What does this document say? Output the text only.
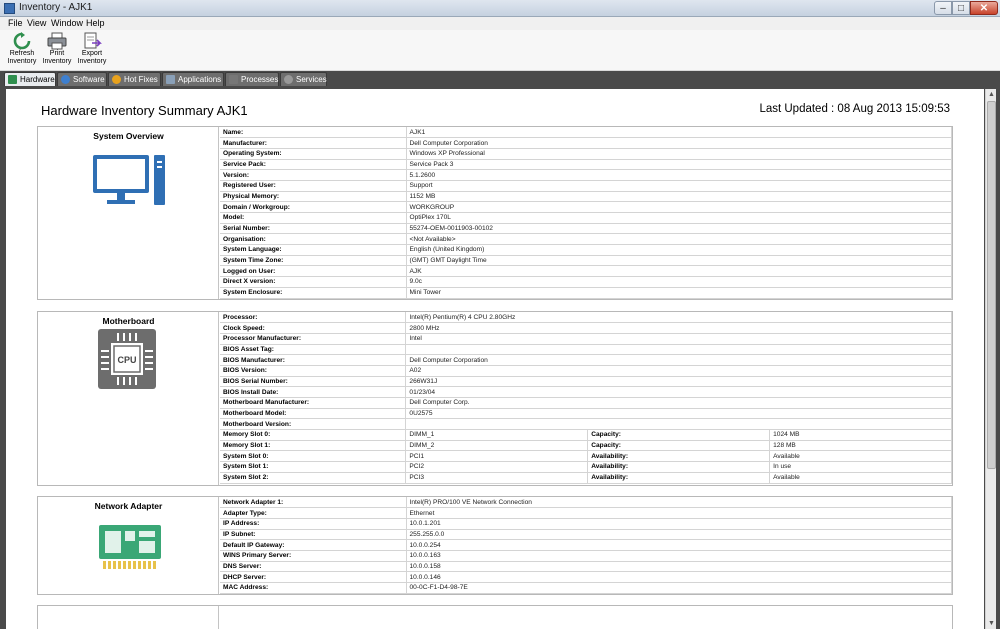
Inventory - AJK1	–	□	✕
File View Window Help
Refresh
Inventory
Print
Inventory
Export
Inventory
Hardware	Software	Hot Fixes	Applications	Processes	Services
▲
▼
Hardware Inventory Summary AJK1	Last Updated : 08 Aug 2013 15:09:53
System Overview	Name:	AJK1
Manufacturer:	Dell Computer Corporation
Operating System:	Windows XP Professional
Service Pack:	Service Pack 3
Version:	5.1.2600
Registered User:	Support
Physical Memory:	1152 MB
Domain / Workgroup:	WORKGROUP
Model:	OptiPlex 170L
Serial Number:	55274-OEM-0011903-00102
Organisation:	<Not Available>
System Language:	English (United Kingdom)
System Time Zone:	(GMT) GMT Daylight Time
Logged on User:	AJK
Direct X version:	9.0c
System Enclosure:	Mini Tower
Motherboard
CPU
Processor:	Intel(R) Pentium(R) 4 CPU 2.80GHz		
Clock Speed:	2800 MHz		
Processor Manufacturer:	Intel		
BIOS Asset Tag:			
BIOS Manufacturer:	Dell Computer Corporation		
BIOS Version:	A02		
BIOS Serial Number:	266W31J		
BIOS Install Date:	01/23/04		
Motherboard Manufacturer:	Dell Computer Corp.		
Motherboard Model:	0U2575		
Motherboard Version:			
Memory Slot 0:	DIMM_1	Capacity:	1024 MB
Memory Slot 1:	DIMM_2	Capacity:	128 MB
System Slot 0:	PCI1	Availability:	Available
System Slot 1:	PCI2	Availability:	In use
System Slot 2:	PCI3	Availability:	Available
Network Adapter	Network Adapter 1:	Intel(R) PRO/100 VE Network Connection
Adapter Type:	Ethernet
IP Address:	10.0.1.201
IP Subnet:	255.255.0.0
Default IP Gateway:	10.0.0.254
WINS Primary Server:	10.0.0.163
DNS Server:	10.0.0.158
DHCP Server:	10.0.0.146
MAC Address:	00-0C-F1-D4-98-7E
